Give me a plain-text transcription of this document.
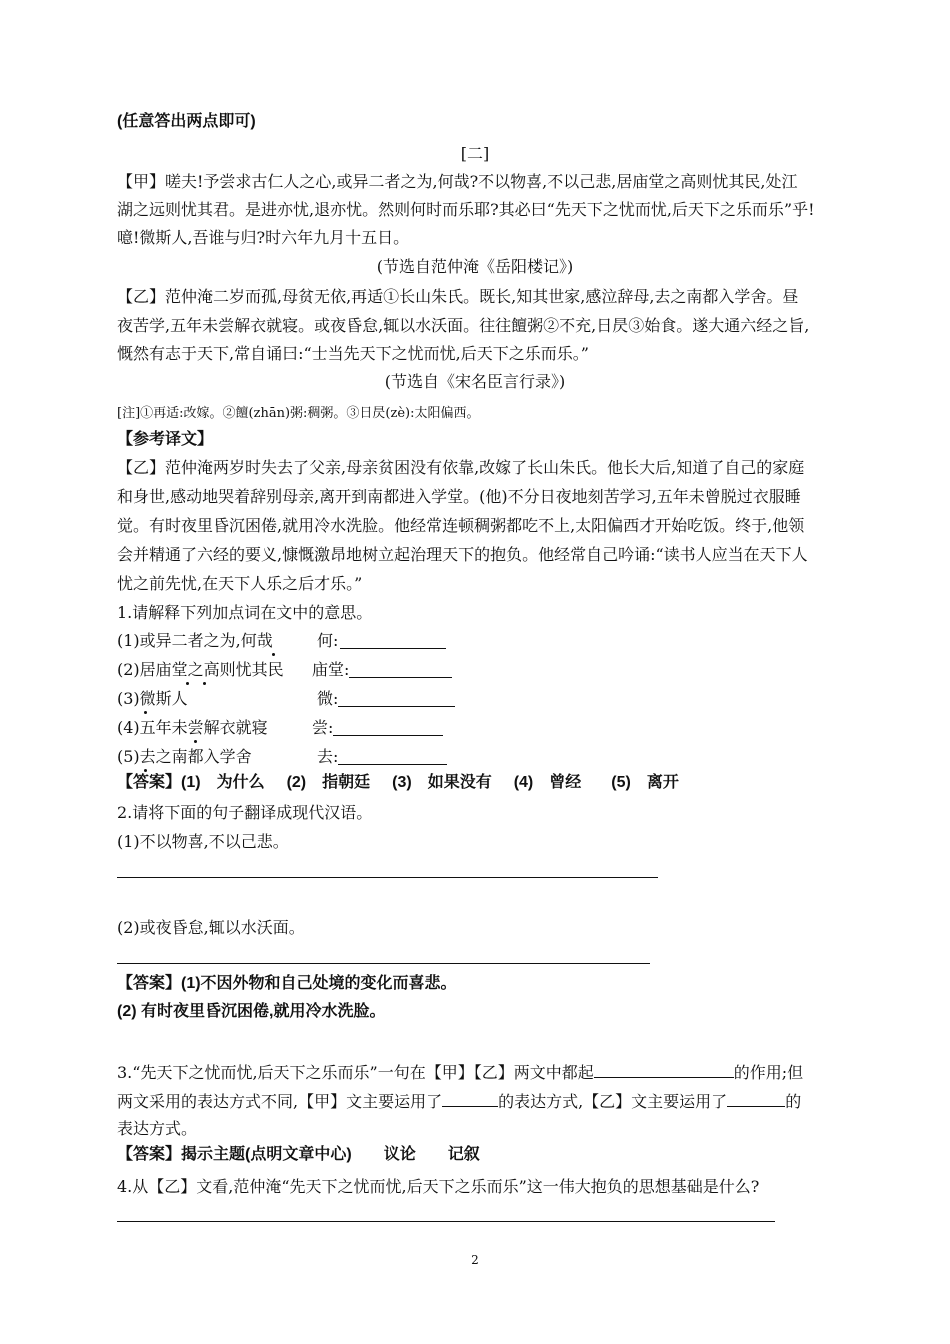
(任意答出两点即可)
[二]
【甲】嗟夫!予尝求古仁人之心,或异二者之为,何哉?不以物喜,不以己悲,居庙堂之高则忧其民,处江
湖之远则忧其君。是进亦忧,退亦忧。然则何时而乐耶?其必曰“先天下之忧而忧,后天下之乐而乐”乎!
噫!微斯人,吾谁与归?时六年九月十五日。
(节选自范仲淹《岳阳楼记》)
【乙】范仲淹二岁而孤,母贫无依,再适①长山朱氏。既长,知其世家,感泣辞母,去之南都入学舍。昼
夜苦学,五年未尝解衣就寝。或夜昏怠,辄以水沃面。往往饘粥②不充,日昃③始食。遂大通六经之旨,
慨然有志于天下,常自诵曰:“士当先天下之忧而忧,后天下之乐而乐。”
(节选自《宋名臣言行录》)
[注]①再适:改嫁。②饘(zhān)粥:稠粥。③日昃(zè):太阳偏西。
【参考译文】
【乙】范仲淹两岁时失去了父亲,母亲贫困没有依靠,改嫁了长山朱氏。他长大后,知道了自己的家庭
和身世,感动地哭着辞别母亲,离开到南都进入学堂。(他)不分日夜地刻苦学习,五年未曾脱过衣服睡
觉。有时夜里昏沉困倦,就用冷水洗脸。他经常连顿稠粥都吃不上,太阳偏西才开始吃饭。终于,他领
会并精通了六经的要义,慷慨激昂地树立起治理天下的抱负。他经常自己吟诵:“读书人应当在天下人
忧之前先忧,在天下人乐之后才乐。”
1.请解释下列加点词在文中的意思。
(1)或异二者之为,何哉	何:
(2)居庙堂之高则忧其民 庙堂:
(3)微斯人	微:
(4)五年未尝解衣就寝	尝:
(5)去之南都入学舍	去:
【答案】(1)　为什么 (2)　指朝廷 (3)　如果没有 (4)　曾经 (5)　离开
2.请将下面的句子翻译成现代汉语。
(1)不以物喜,不以己悲。
(2)或夜昏怠,辄以水沃面。
【答案】(1)不因外物和自己处境的变化而喜悲。
(2) 有时夜里昏沉困倦,就用冷水洗脸。
3.“先天下之忧而忧,后天下之乐而乐”一句在【甲】【乙】两文中都起	的作用;但
两文采用的表达方式不同,【甲】文主要运用了	的表达方式,【乙】文主要运用了	的
表达方式。
【答案】揭示主题(点明文章中心) 议论 记叙
4.从【乙】文看,范仲淹“先天下之忧而忧,后天下之乐而乐”这一伟大抱负的思想基础是什么?
2
